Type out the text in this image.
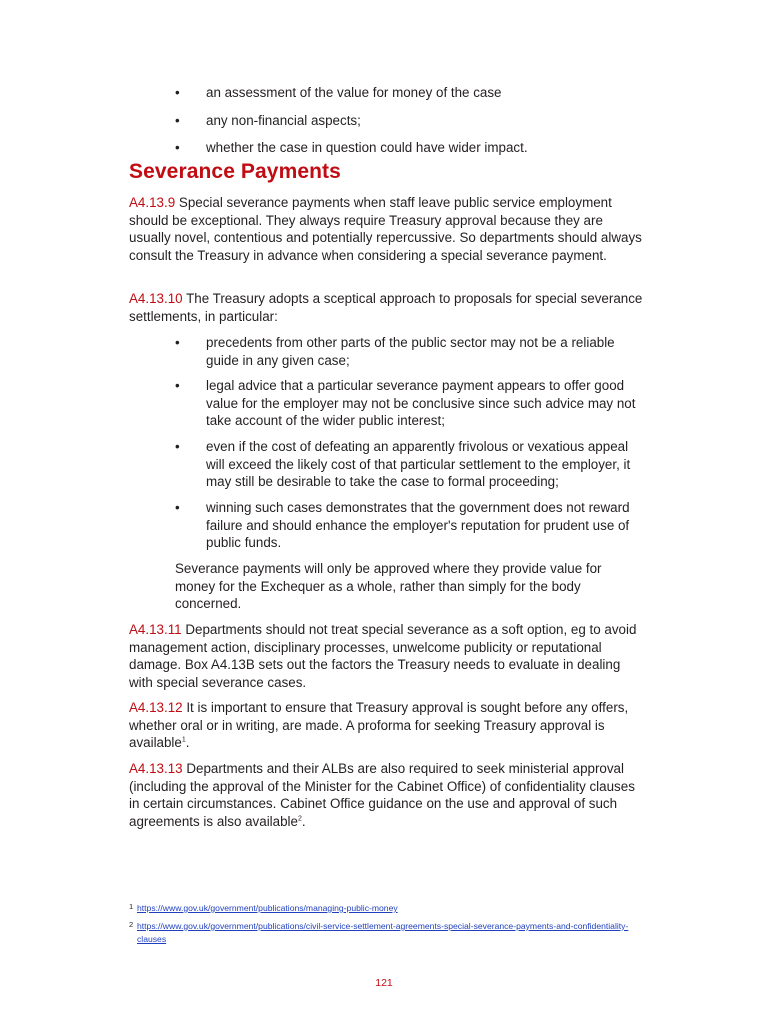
•	an assessment of the value for money of the case
•	any non-financial aspects;
•	whether the case in question could have wider impact.
Severance Payments

A4.13.9 Special severance payments when staff leave public service employment should be exceptional. They always require Treasury approval because they are usually novel, contentious and potentially repercussive. So departments should always consult the Treasury in advance when considering a special severance payment.

A4.13.10 The Treasury adopts a sceptical approach to proposals for special severance settlements, in particular:

•	precedents from other parts of the public sector may not be a reliable guide in any given case;
•	legal advice that a particular severance payment appears to offer good value for the employer may not be conclusive since such advice may not take account of the wider public interest;
•	even if the cost of defeating an apparently frivolous or vexatious appeal will exceed the likely cost of that particular settlement to the employer, it may still be desirable to take the case to formal proceeding;
•	winning such cases demonstrates that the government does not reward failure and should enhance the employer's reputation for prudent use of public funds.

Severance payments will only be approved where they provide value for money for the Exchequer as a whole, rather than simply for the body concerned.

A4.13.11 Departments should not treat special severance as a soft option, eg to avoid management action, disciplinary processes, unwelcome publicity or reputational damage. Box A4.13B sets out the factors the Treasury needs to evaluate in dealing with special severance cases.

A4.13.12 It is important to ensure that Treasury approval is sought before any offers, whether oral or in writing, are made. A proforma for seeking Treasury approval is available$^1$.

A4.13.13 Departments and their ALBs are also required to seek ministerial approval (including the approval of the Minister for the Cabinet Office) of confidentiality clauses in certain circumstances. Cabinet Office guidance on the use and approval of such agreements is also available$^2$.

1 https://www.gov.uk/government/publications/managing-public-money
2 https://www.gov.uk/government/publications/civil-service-settlement-agreements-special-severance-payments-and-confidentiality-clauses
121
